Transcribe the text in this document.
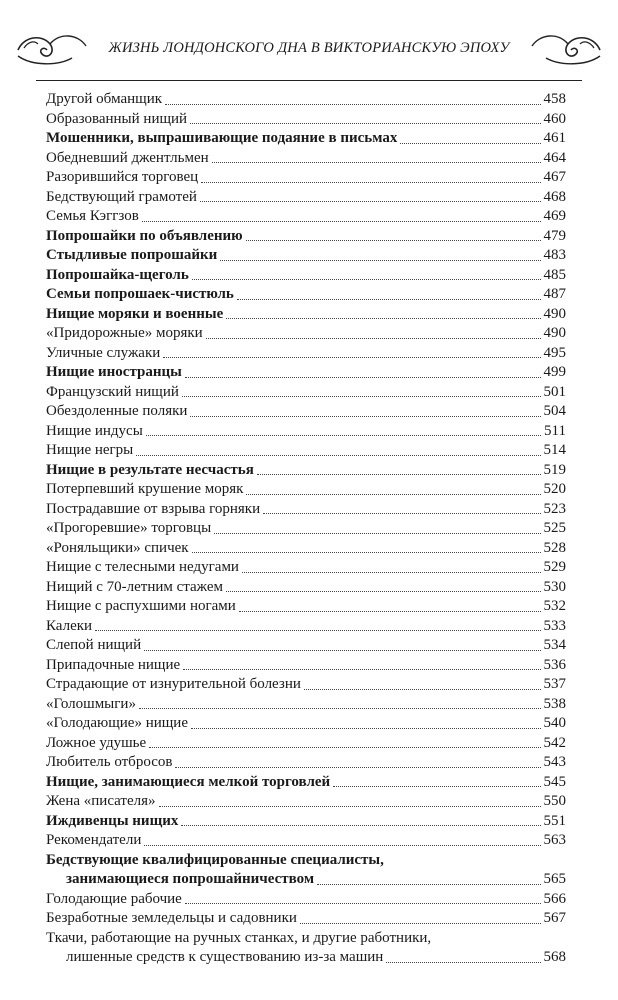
ЖИЗНЬ ЛОНДОНСКОГО ДНА В ВИКТОРИАНСКУЮ ЭПОХУ
Другой обманщик	458
Образованный нищий	460
Мошенники, выпрашивающие подаяние в письмах	461
Обедневший джентльмен	464
Разорившийся торговец	467
Бедствующий грамотей	468
Семья Кэггзов	469
Попрошайки по объявлению	479
Стыдливые попрошайки	483
Попрошайка-щеголь	485
Семьи попрошаек-чистюль	487
Нищие моряки и военные	490
«Придорожные» моряки	490
Уличные служаки	495
Нищие иностранцы	499
Французский нищий	501
Обездоленные поляки	504
Нищие индусы	511
Нищие негры	514
Нищие в результате несчастья	519
Потерпевший крушение моряк	520
Пострадавшие от взрыва горняки	523
«Прогоревшие» торговцы	525
«Роняльщики» спичек	528
Нищие с телесными недугами	529
Нищий с 70-летним стажем	530
Нищие с распухшими ногами	532
Калеки	533
Слепой нищий	534
Припадочные нищие	536
Страдающие от изнурительной болезни	537
«Голошмыги»	538
«Голодающие» нищие	540
Ложное удушье	542
Любитель отбросов	543
Нищие, занимающиеся мелкой торговлей	545
Жена «писателя»	550
Иждивенцы нищих	551
Рекомендатели	563
Бедствующие квалифицированные специалисты,
занимающиеся попрошайничеством	565
Голодающие рабочие	566
Безработные земледельцы и садовники	567
Ткачи, работающие на ручных станках, и другие работники,
лишенные средств к существованию из-за машин	568
